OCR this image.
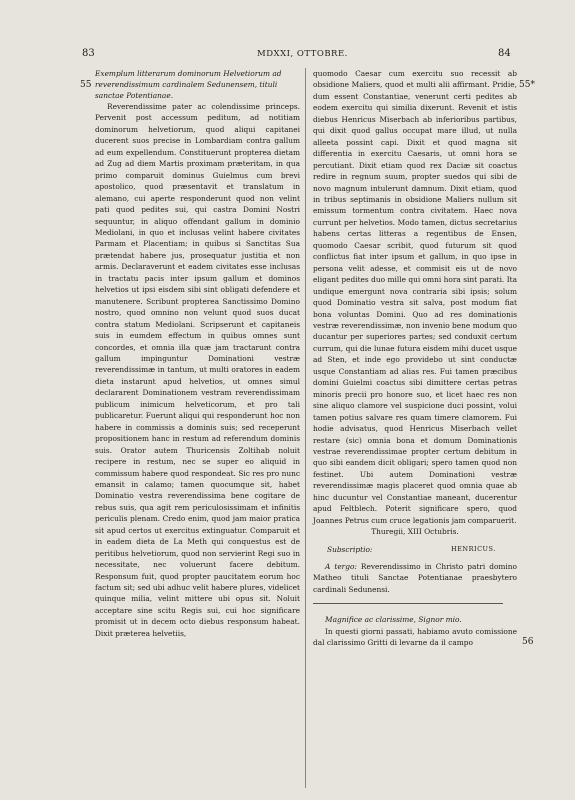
83	MDXXI, OTTOBRE.	84
55	55*
56

Exemplum litterarum dominorum Helvetiorum ad reverendissimum cardinalem Sedunensem, tituli sanctae Potentianae.

Reverendissime pater ac colendissime princeps. Pervenit post accessum peditum, ad notitiam dominorum helvetiorum, quod aliqui capitanei ducerent suos precise in Lombardiam contra gallum ad eum expellendum. Constituerunt propterea dietam ad Zug ad diem Martis proximam præteritam, in qua primo comparuit dominus Guielmus cum brevi apostolico, quod præsentavit et translatum in alemano, cui aperte responderunt quod non velint pati quod pedites sui, qui castra Domini Nostri sequuntur, in aliquo offendant gallum in dominio Mediolani, in quo et inclusas velint habere civitates Parmam et Placentiam; in quibus si Sanctitas Sua prætendat habere jus, prosequatur justitia et non armis. Declaraverunt et eadem civitates esse inclusas in tractatu pacis inter ipsum gallum et dominos helvetios ut ipsi eisdem sibi sint obligati defendere et manutenere. Scribunt propterea Sanctissimo Domino nostro, quod omnino non velunt quod suos ducat contra statum Mediolani. Scripserunt et capitaneis suis in eumdem effectum in quibus omnes sunt concordes, et omnia illa quæ jam tractarunt contra gallum impinguntur Dominationi vestræ reverendissimæ in tantum, ut multi oratores in eadem dieta instarunt apud helvetios, ut omnes simul declararent Dominationem vestram reverendissimam publicum inimicum helveticorum, et pro tali publicaretur. Fuerunt aliqui qui responderunt hoc non habere in commissis a dominis suis; sed receperunt propositionem hanc in restum ad referendum dominis suis. Orator autem Thuricensis Zoltihab noluit recipere in restum, nec se super eo aliquid in commissum habere quod respondeat. Sic res pro nunc emansit in calamo; tamen quocumque sit, habet Dominatio vestra reverendissima bene cogitare de rebus suis, qua agit rem periculosissimam et infinitis periculis plenam. Credo enim, quod jam maior pratica sit apud certos ut exercitus extinguatur. Comparuit et in eadem dieta de La Meth qui conquestus est de peritibus helvetiorum, quod non servierint Regi suo in necessitate, nec voluerunt facere debitum. Responsum fuit, quod propter paucitatem eorum hoc factum sit; sed ubi adhuc velit habere plures, videlicet quinque milia, velint mittere ubi opus sit. Noluit acceptare sine scitu Regis sui, cui hoc significare promisit ut in decem octo diebus responsum habeat. Dixit præterea helvetiis,

quomodo Caesar cum exercitu suo recessit ab obsidione Maliers, quod et multi alii affirmant. Pridie, dum essent Constantiae, venerunt certi pedites ab eodem exercitu qui similia dixerunt. Revenit et istis diebus Henricus Miserbach ab inferioribus partibus, qui dixit quod gallus occupat mare illud, ut nulla alleeta possint capi. Dixit et quod magna sit differentia in exercitu Caesaris, ut omni hora se percutiant. Dixit etiam quod rex Daciæ sit coactus redire in regnum suum, propter suedos qui sibi de novo magnum intulerunt damnum. Dixit etiam, quod in tribus septimanis in obsidione Maliers nullum sit emissum tormentum contra civitatem. Haec nova currunt per helvetios. Modo tamen, dictus secretarius habens certas litteras a regentibus de Ensen, quomodo Caesar scribit, quod futurum sit quod conflictus fiat inter ipsum et gallum, in quo ipse in persona velit adesse, et commisit eis ut de novo eligant pedites duo mille qui omni hora sint parati. Ita undique emergunt nova contraria sibi ipsis; solum quod Dominatio vestra sit salva, post modum fiat bona voluntas Domini. Quo ad res dominationis vestræ reverendissimæ, non invenio bene modum quo ducantur per superiores partes; sed conduxit certum currum, qui die lunae futura eisdem mihi ducet usque ad Sten, et inde ego providebo ut sint conductæ usque Constantiam ad alias res. Fui tamen præcibus domini Guielmi coactus sibi dimittere certas petras minoris precii pro honore suo, et licet haec res non sine aliquo clamore vel suspicione duci possint, volui tamen potius salvare res quam timere clamorem. Fui hodie advisatus, quod Henricus Miserbach vellet restare (sic) omnia bona et domum Dominationis vestrae reverendissimae propter certum debitum in quo sibi eandem dicit obligari; spero tamen quod non festinet. Ubi autem Dominationi vestræ reverendissimæ magis placeret quod omnia quae ab hinc ducuntur vel Constantiae maneant, ducerentur apud Feltblech. Poterit significare spero, quod Joannes Petrus cum cruce legationis jam comparuerit.

Thuregii, XIII Octubris.

Subscriptio:	HENRICUS.

A tergo: Reverendissimo in Christo patri domino Matheo tituli Sanctae Potentianae praesbytero cardinali Sedunensi.

Magnifice ac clarissime, Signor mio.

In questi giorni passati, habiamo avuto comissione dal clarissimo Gritti di levarne da il campo
